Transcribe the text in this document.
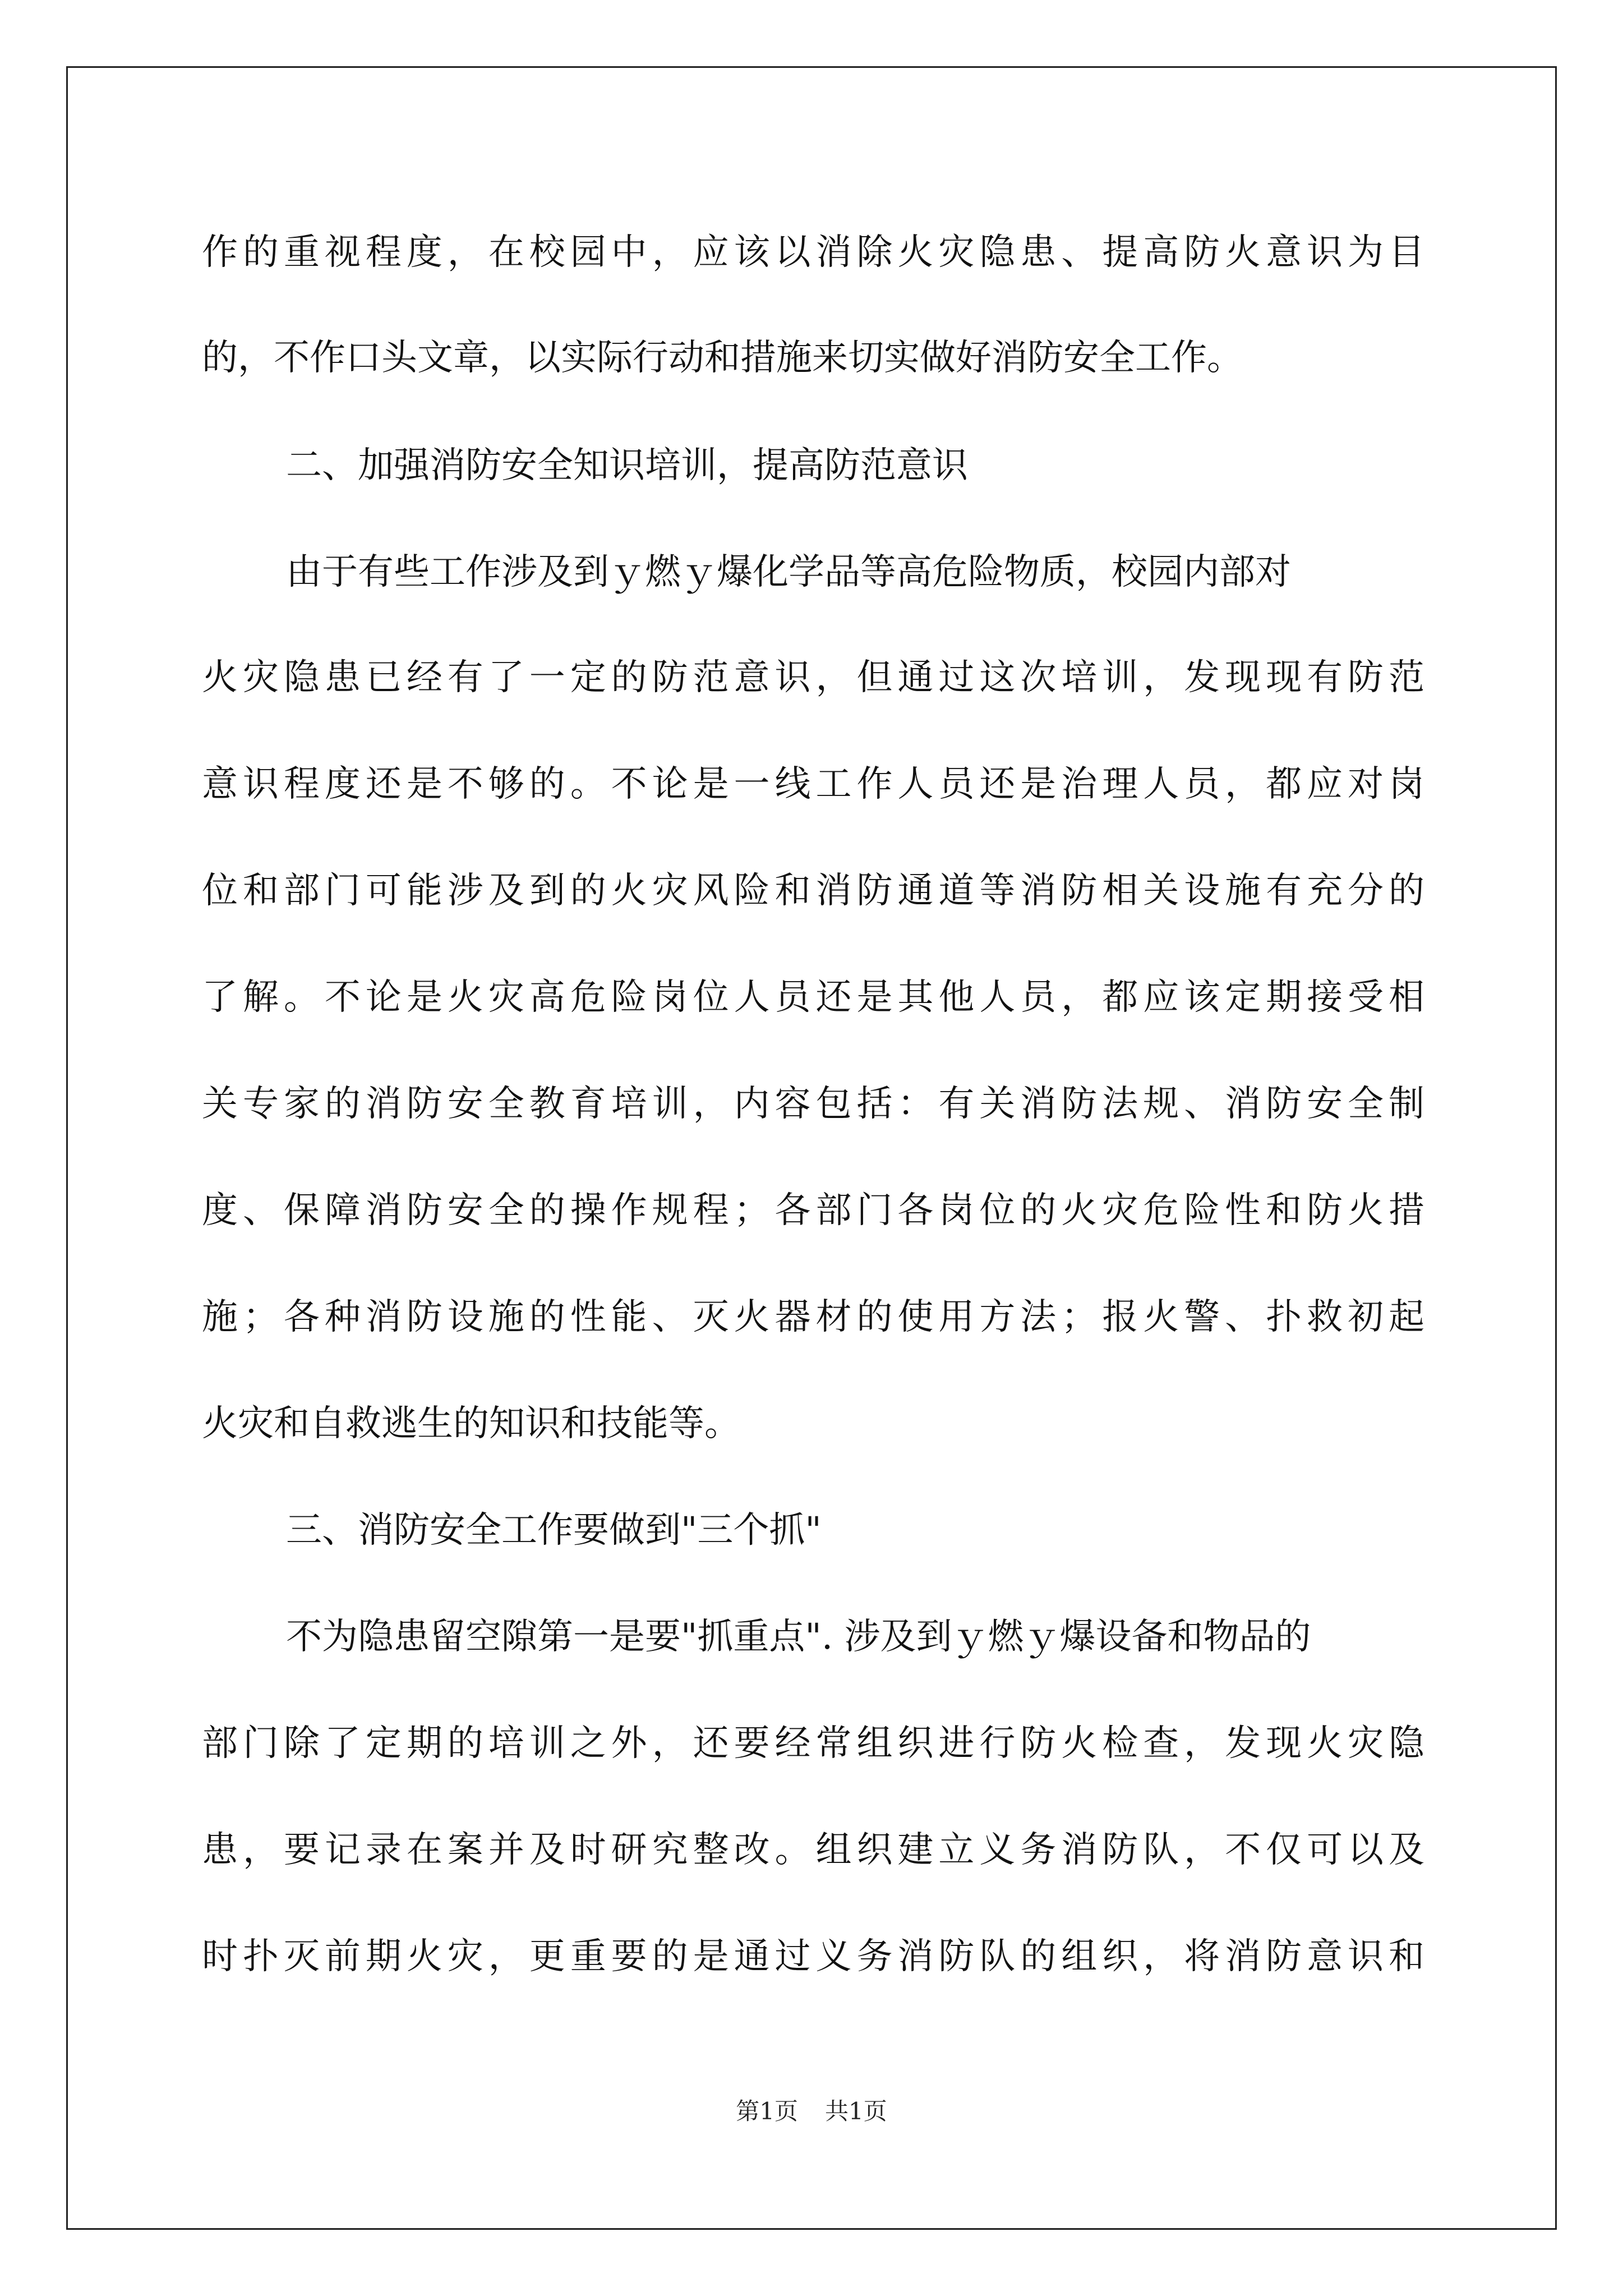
作的重视程度，在校园中，应该以消除火灾隐患、提高防火意识为目
的，不作口头文章，以实际行动和措施来切实做好消防安全工作。
二、加强消防安全知识培训，提高防范意识
由于有些工作涉及到ｙ燃ｙ爆化学品等高危险物质，校园内部对
火灾隐患已经有了一定的防范意识，但通过这次培训，发现现有防范
意识程度还是不够的。不论是一线工作人员还是治理人员，都应对岗
位和部门可能涉及到的火灾风险和消防通道等消防相关设施有充分的
了解。不论是火灾高危险岗位人员还是其他人员，都应该定期接受相
关专家的消防安全教育培训，内容包括：有关消防法规、消防安全制
度、保障消防安全的操作规程；各部门各岗位的火灾危险性和防火措
施；各种消防设施的性能、灭火器材的使用方法；报火警、扑救初起
火灾和自救逃生的知识和技能等。
三、消防安全工作要做到"三个抓"
不为隐患留空隙第一是要"抓重点". 涉及到ｙ燃ｙ爆设备和物品的
部门除了定期的培训之外，还要经常组织进行防火检查，发现火灾隐
患，要记录在案并及时研究整改。组织建立义务消防队，不仅可以及
时扑灭前期火灾，更重要的是通过义务消防队的组织，将消防意识和
第1页 共1页
